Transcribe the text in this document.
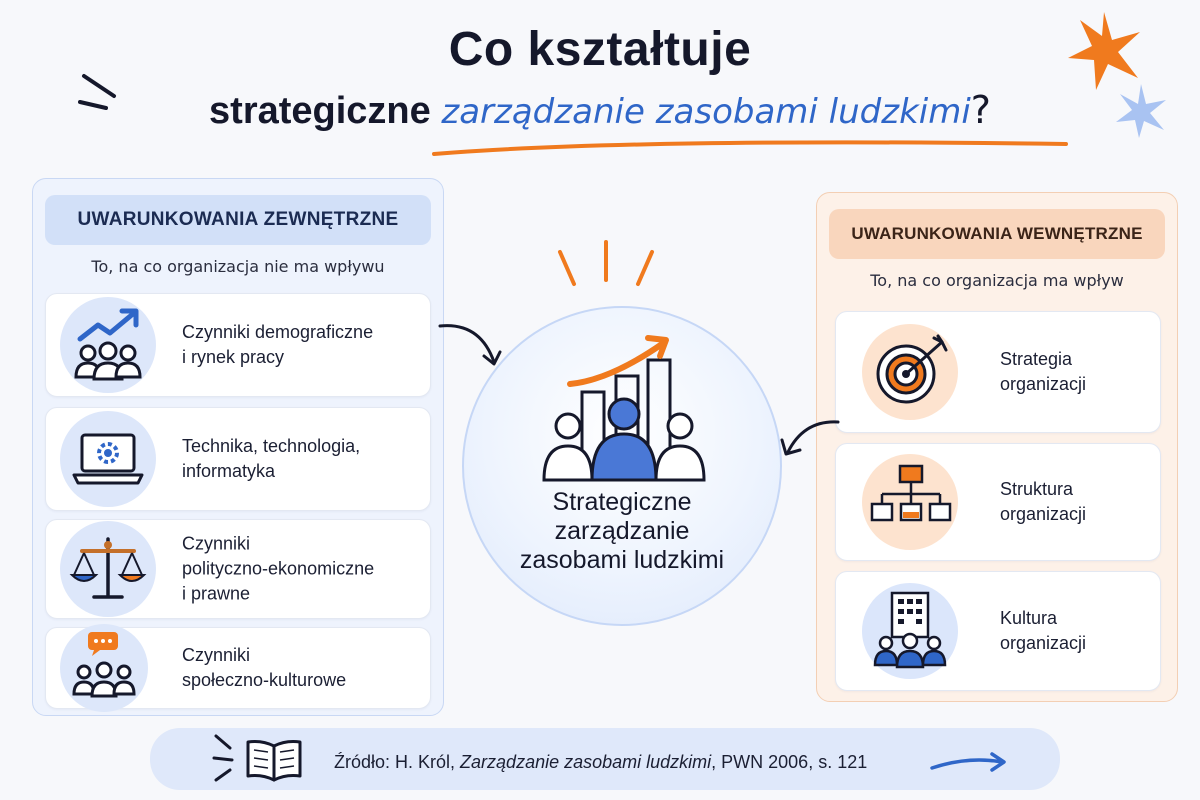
Co kształtuje
strategiczne zarządzanie zasobami ludzkimi?
UWARUNKOWANIA ZEWNĘTRZNE
To, na co organizacja nie ma wpływu
Czynniki demograficzne
i rynek pracy
Technika, technologia,
informatyka
Czynniki
polityczno-ekonomiczne
i prawne
Czynniki
społeczno-kulturowe
UWARUNKOWANIA WEWNĘTRZNE
To, na co organizacja ma wpływ
Strategia
organizacji
Struktura
organizacji
Kultura
organizacji
Strategiczne
zarządzanie
zasobami ludzkimi
Źródło: H. Król, Zarządzanie zasobami ludzkimi, PWN 2006, s. 121
